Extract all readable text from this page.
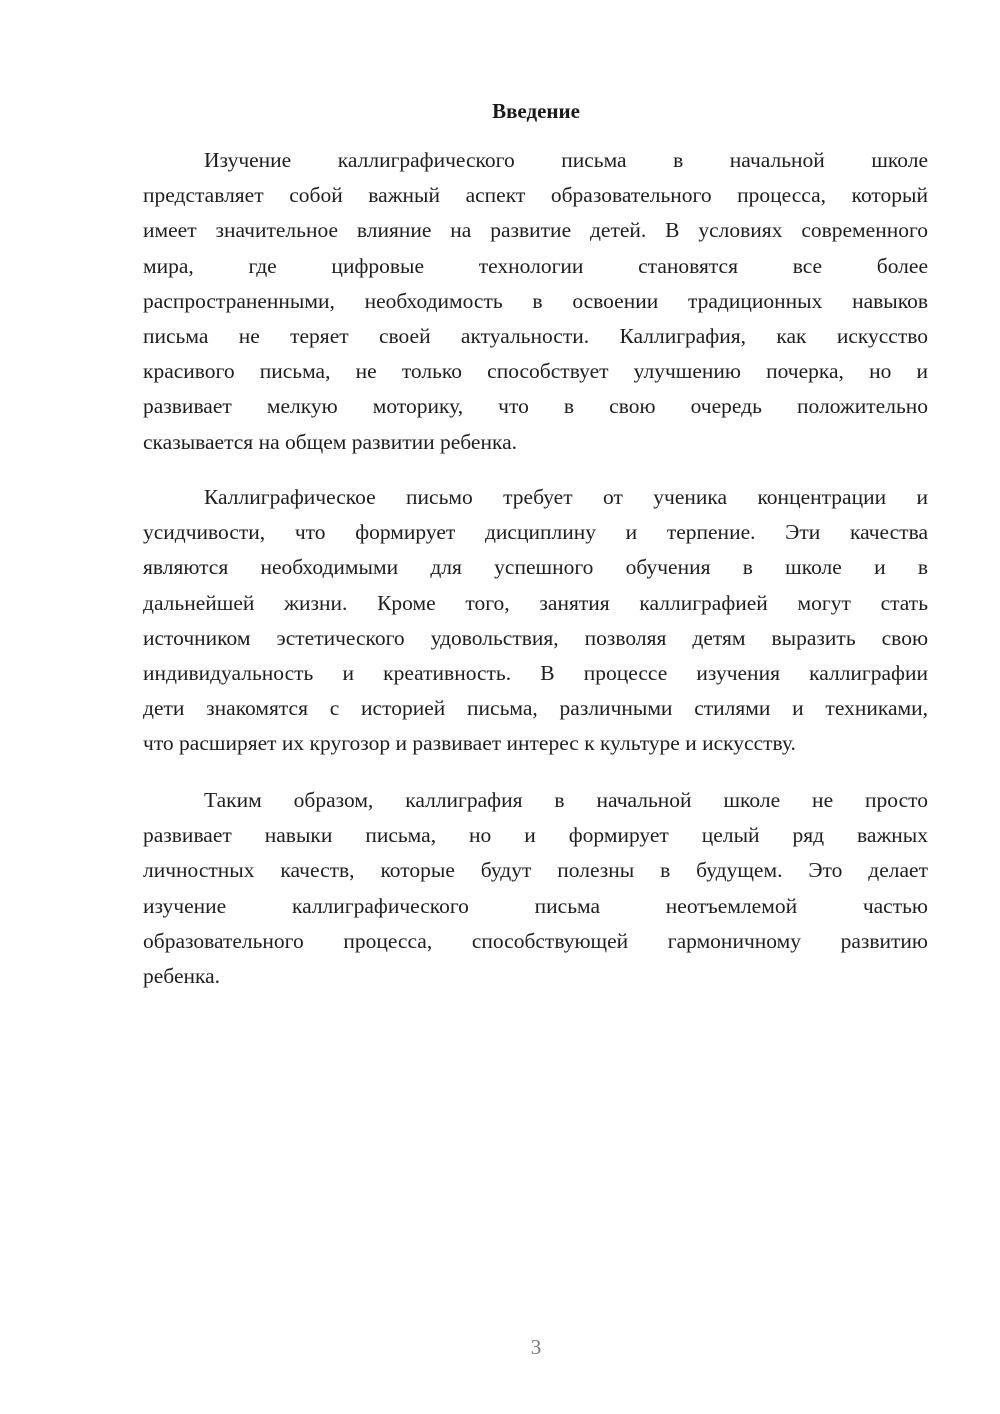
Введение
Изучение каллиграфического письма в начальной школе
представляет собой важный аспект образовательного процесса, который
имеет значительное влияние на развитие детей. В условиях современного
мира, где цифровые технологии становятся все более
распространенными, необходимость в освоении традиционных навыков
письма не теряет своей актуальности. Каллиграфия, как искусство
красивого письма, не только способствует улучшению почерка, но и
развивает мелкую моторику, что в свою очередь положительно
сказывается на общем развитии ребенка.
Каллиграфическое письмо требует от ученика концентрации и
усидчивости, что формирует дисциплину и терпение. Эти качества
являются необходимыми для успешного обучения в школе и в
дальнейшей жизни. Кроме того, занятия каллиграфией могут стать
источником эстетического удовольствия, позволяя детям выразить свою
индивидуальность и креативность. В процессе изучения каллиграфии
дети знакомятся с историей письма, различными стилями и техниками,
что расширяет их кругозор и развивает интерес к культуре и искусству.
Таким образом, каллиграфия в начальной школе не просто
развивает навыки письма, но и формирует целый ряд важных
личностных качеств, которые будут полезны в будущем. Это делает
изучение каллиграфического письма неотъемлемой частью
образовательного процесса, способствующей гармоничному развитию
ребенка.
3
